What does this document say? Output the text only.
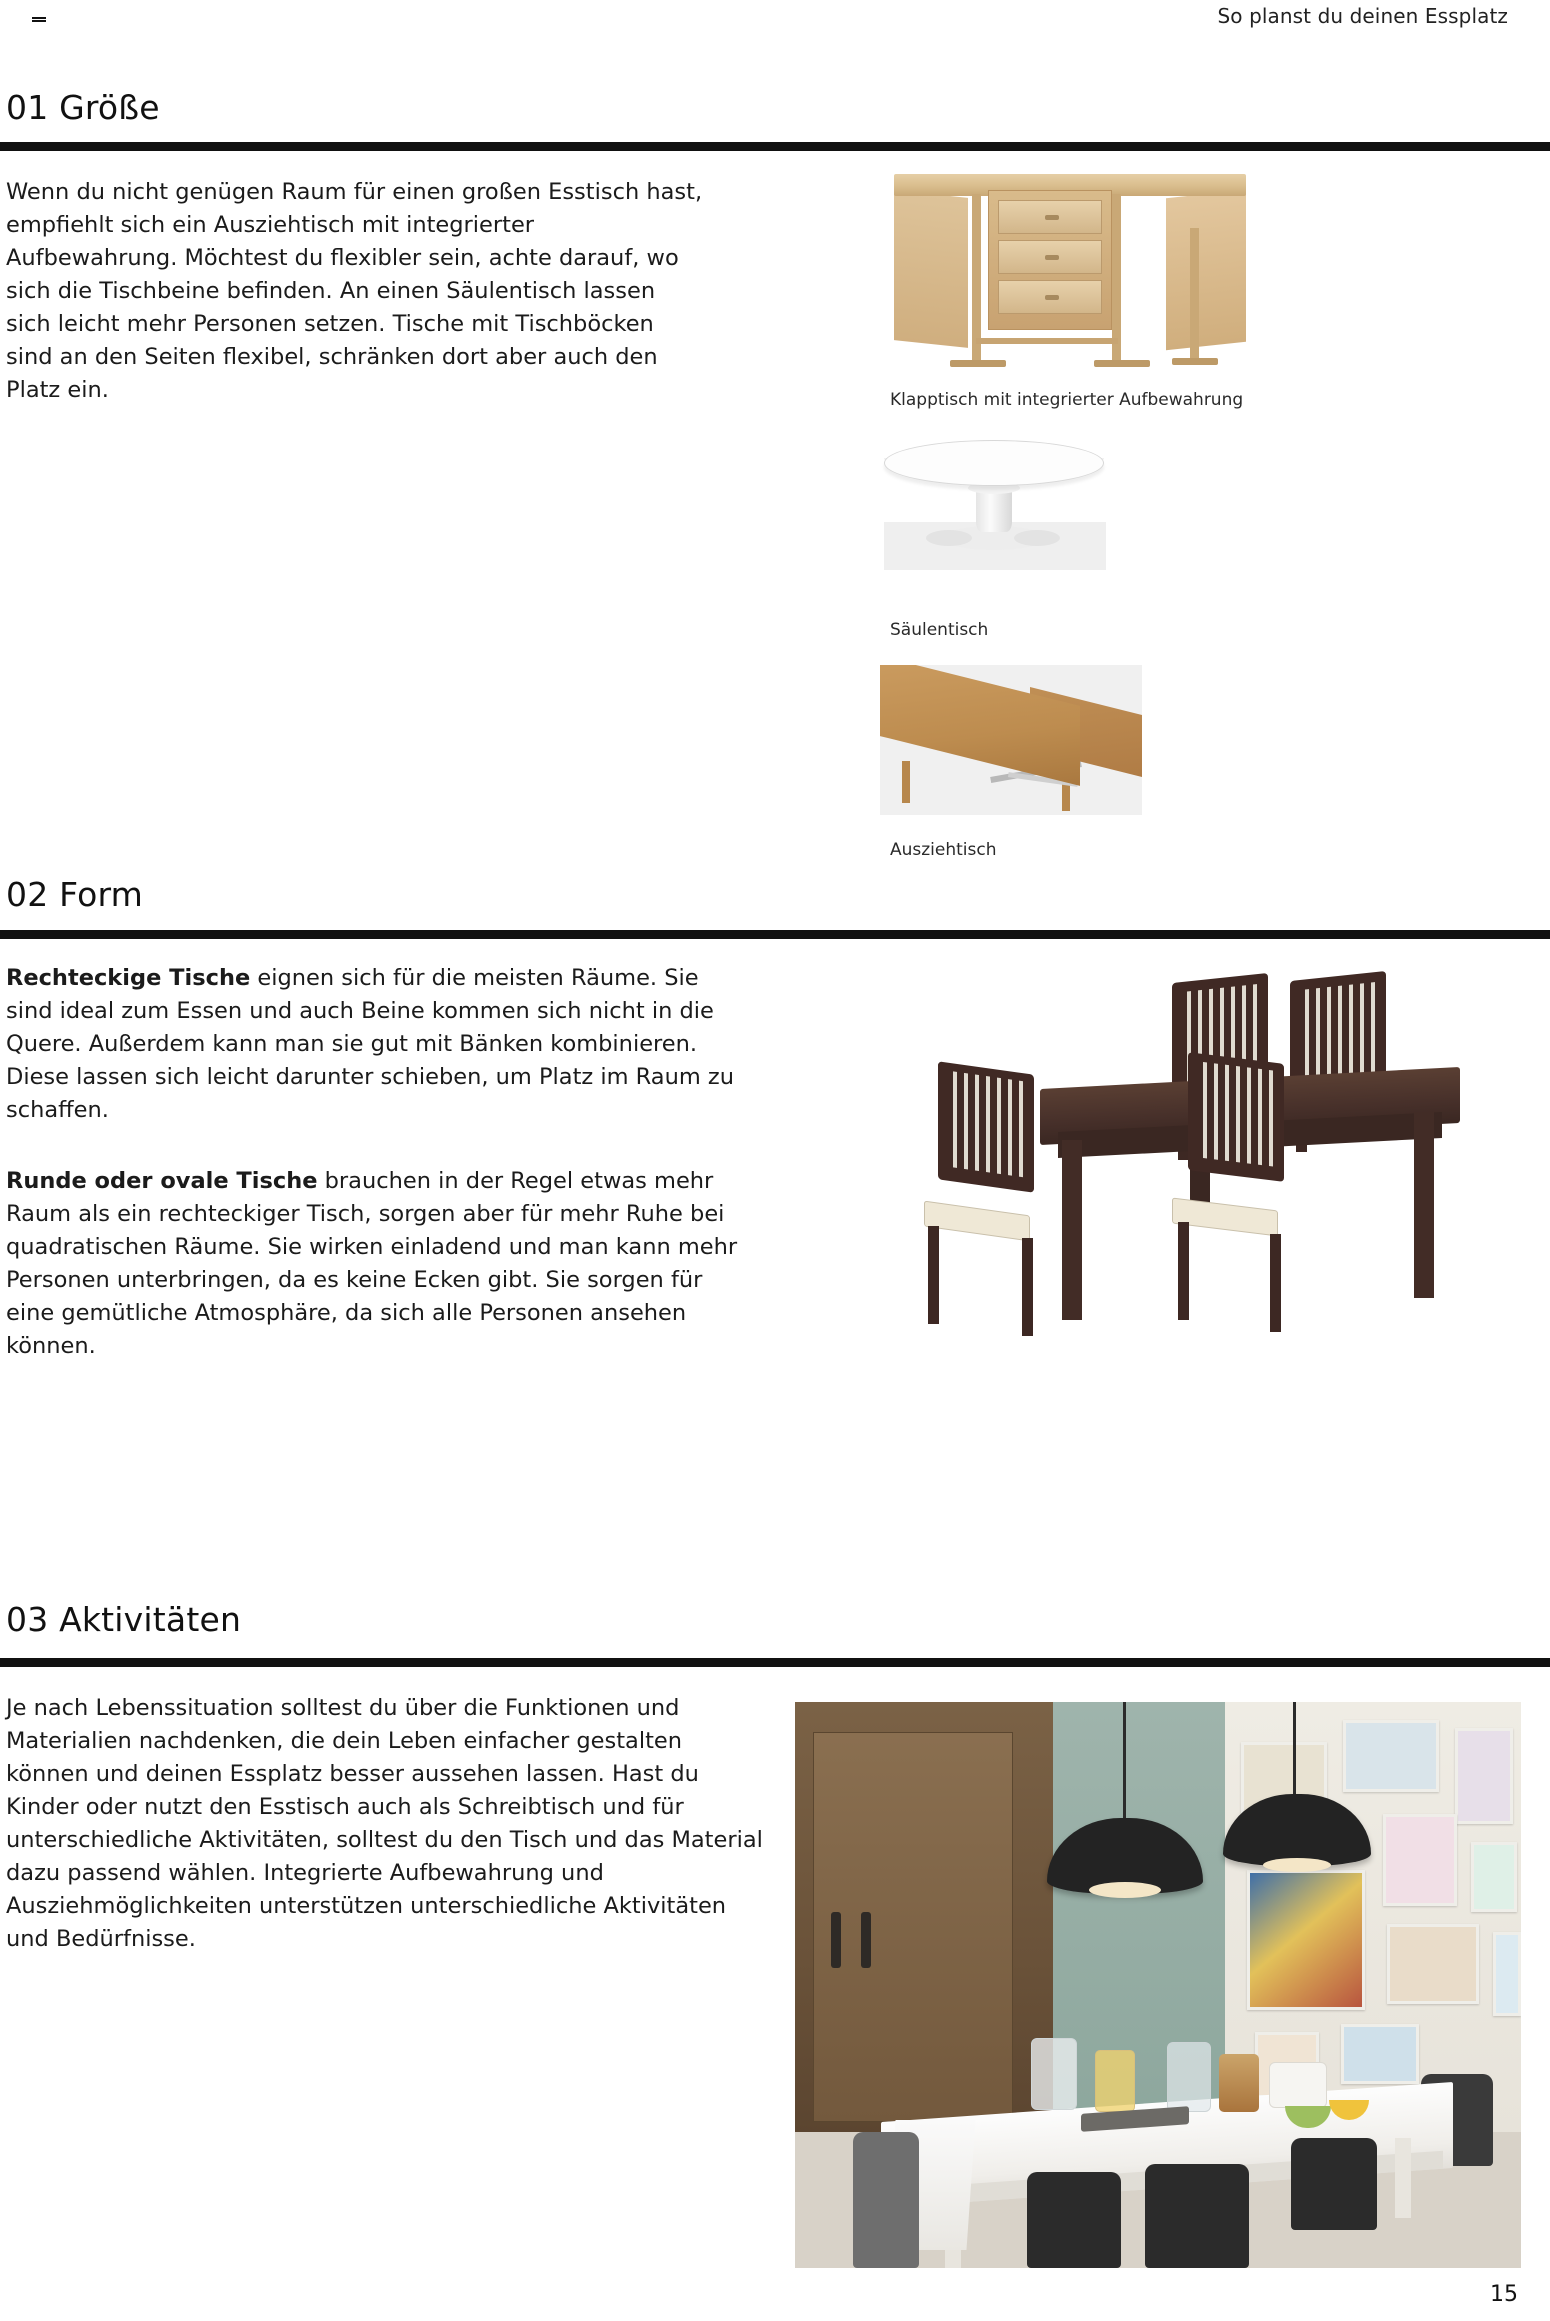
So planst du deinen Essplatz
01 Größe
Wenn du nicht genügen Raum für einen großen Esstisch hast, empfiehlt sich ein Ausziehtisch mit integrierter Aufbewahrung. Möchtest du flexibler sein, achte darauf, wo sich die Tischbeine befinden. An einen Säulentisch lassen sich leicht mehr Personen setzen. Tische mit Tischböcken sind an den Seiten flexibel, schränken dort aber auch den Platz ein.	Klapptisch mit integrierter Aufbewahrung
Säulentisch
Ausziehtisch
02 Form
Rechteckige Tische eignen sich für die meisten Räume. Sie sind ideal zum Essen und auch Beine kommen sich nicht in die Quere. Außerdem kann man sie gut mit Bänken kombinieren. Diese lassen sich leicht darunter schieben, um Platz im Raum zu schaffen.
Runde oder ovale Tische brauchen in der Regel etwas mehr Raum als ein rechteckiger Tisch, sorgen aber für mehr Ruhe bei quadratischen Räume. Sie wirken einladend und man kann mehr Personen unterbringen, da es keine Ecken gibt. Sie sorgen für eine gemütliche Atmosphäre, da sich alle Personen ansehen können.
03 Aktivitäten
Je nach Lebenssituation solltest du über die Funktionen und Materialien nachdenken, die dein Leben einfacher gestalten können und deinen Essplatz besser aussehen lassen. Hast du Kinder oder nutzt den Esstisch auch als Schreibtisch und für unterschiedliche Aktivitäten, solltest du den Tisch und das Material dazu passend wählen. Integrierte Aufbewahrung und Ausziehmöglichkeiten unterstützen unterschiedliche Aktivitäten und Bedürfnisse.
15
